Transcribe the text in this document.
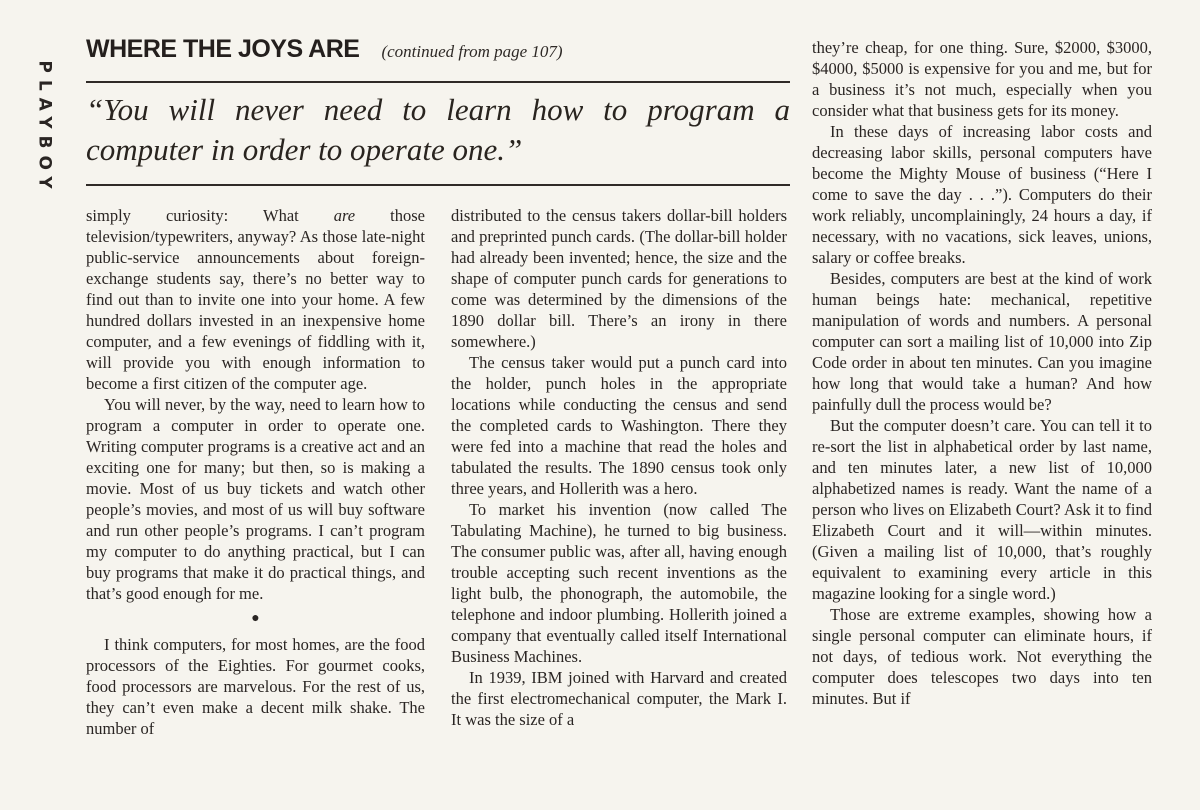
PLAYBOY
WHERE THE JOYS ARE (continued from page 107)

“You will never need to learn how to program a computer in order to operate one.”

simply curiosity: What are those television/typewriters, anyway? As those late-night public-service announcements about foreign-exchange students say, there’s no better way to find out than to invite one into your home. A few hundred dollars invested in an inexpensive home computer, and a few evenings of fiddling with it, will provide you with enough information to become a first citizen of the computer age.

You will never, by the way, need to learn how to program a computer in order to operate one. Writing computer programs is a creative act and an exciting one for many; but then, so is making a movie. Most of us buy tickets and watch other people’s movies, and most of us will buy software and run other people’s programs. I can’t program my computer to do anything practical, but I can buy programs that make it do practical things, and that’s good enough for me.

●

I think computers, for most homes, are the food processors of the Eighties. For gourmet cooks, food processors are marvelous. For the rest of us, they can’t even make a decent milk shake. The number of

distributed to the census takers dollar-bill holders and preprinted punch cards. (The dollar-bill holder had already been invented; hence, the size and the shape of computer punch cards for generations to come was determined by the dimensions of the 1890 dollar bill. There’s an irony in there somewhere.)

The census taker would put a punch card into the holder, punch holes in the appropriate locations while conducting the census and send the completed cards to Washington. There they were fed into a machine that read the holes and tabulated the results. The 1890 census took only three years, and Hollerith was a hero.

To market his invention (now called The Tabulating Machine), he turned to big business. The consumer public was, after all, having enough trouble accepting such recent inventions as the light bulb, the phonograph, the automobile, the telephone and indoor plumbing. Hollerith joined a company that eventually called itself International Business Machines.

In 1939, IBM joined with Harvard and created the first electromechanical computer, the Mark I. It was the size of a

they’re cheap, for one thing. Sure, $2000, $3000, $4000, $5000 is expensive for you and me, but for a business it’s not much, especially when you consider what that business gets for its money.

In these days of increasing labor costs and decreasing labor skills, personal computers have become the Mighty Mouse of business (“Here I come to save the day . . .”). Computers do their work reliably, uncomplainingly, 24 hours a day, if necessary, with no vacations, sick leaves, unions, salary or coffee breaks.

Besides, computers are best at the kind of work human beings hate: mechanical, repetitive manipulation of words and numbers. A personal computer can sort a mailing list of 10,000 into Zip Code order in about ten minutes. Can you imagine how long that would take a human? And how painfully dull the process would be?

But the computer doesn’t care. You can tell it to re-sort the list in alphabetical order by last name, and ten minutes later, a new list of 10,000 alphabetized names is ready. Want the name of a person who lives on Elizabeth Court? Ask it to find Elizabeth Court and it will—within minutes. (Given a mailing list of 10,000, that’s roughly equivalent to examining every article in this magazine looking for a single word.)

Those are extreme examples, showing how a single personal computer can eliminate hours, if not days, of tedious work. Not everything the computer does telescopes two days into ten minutes. But if
